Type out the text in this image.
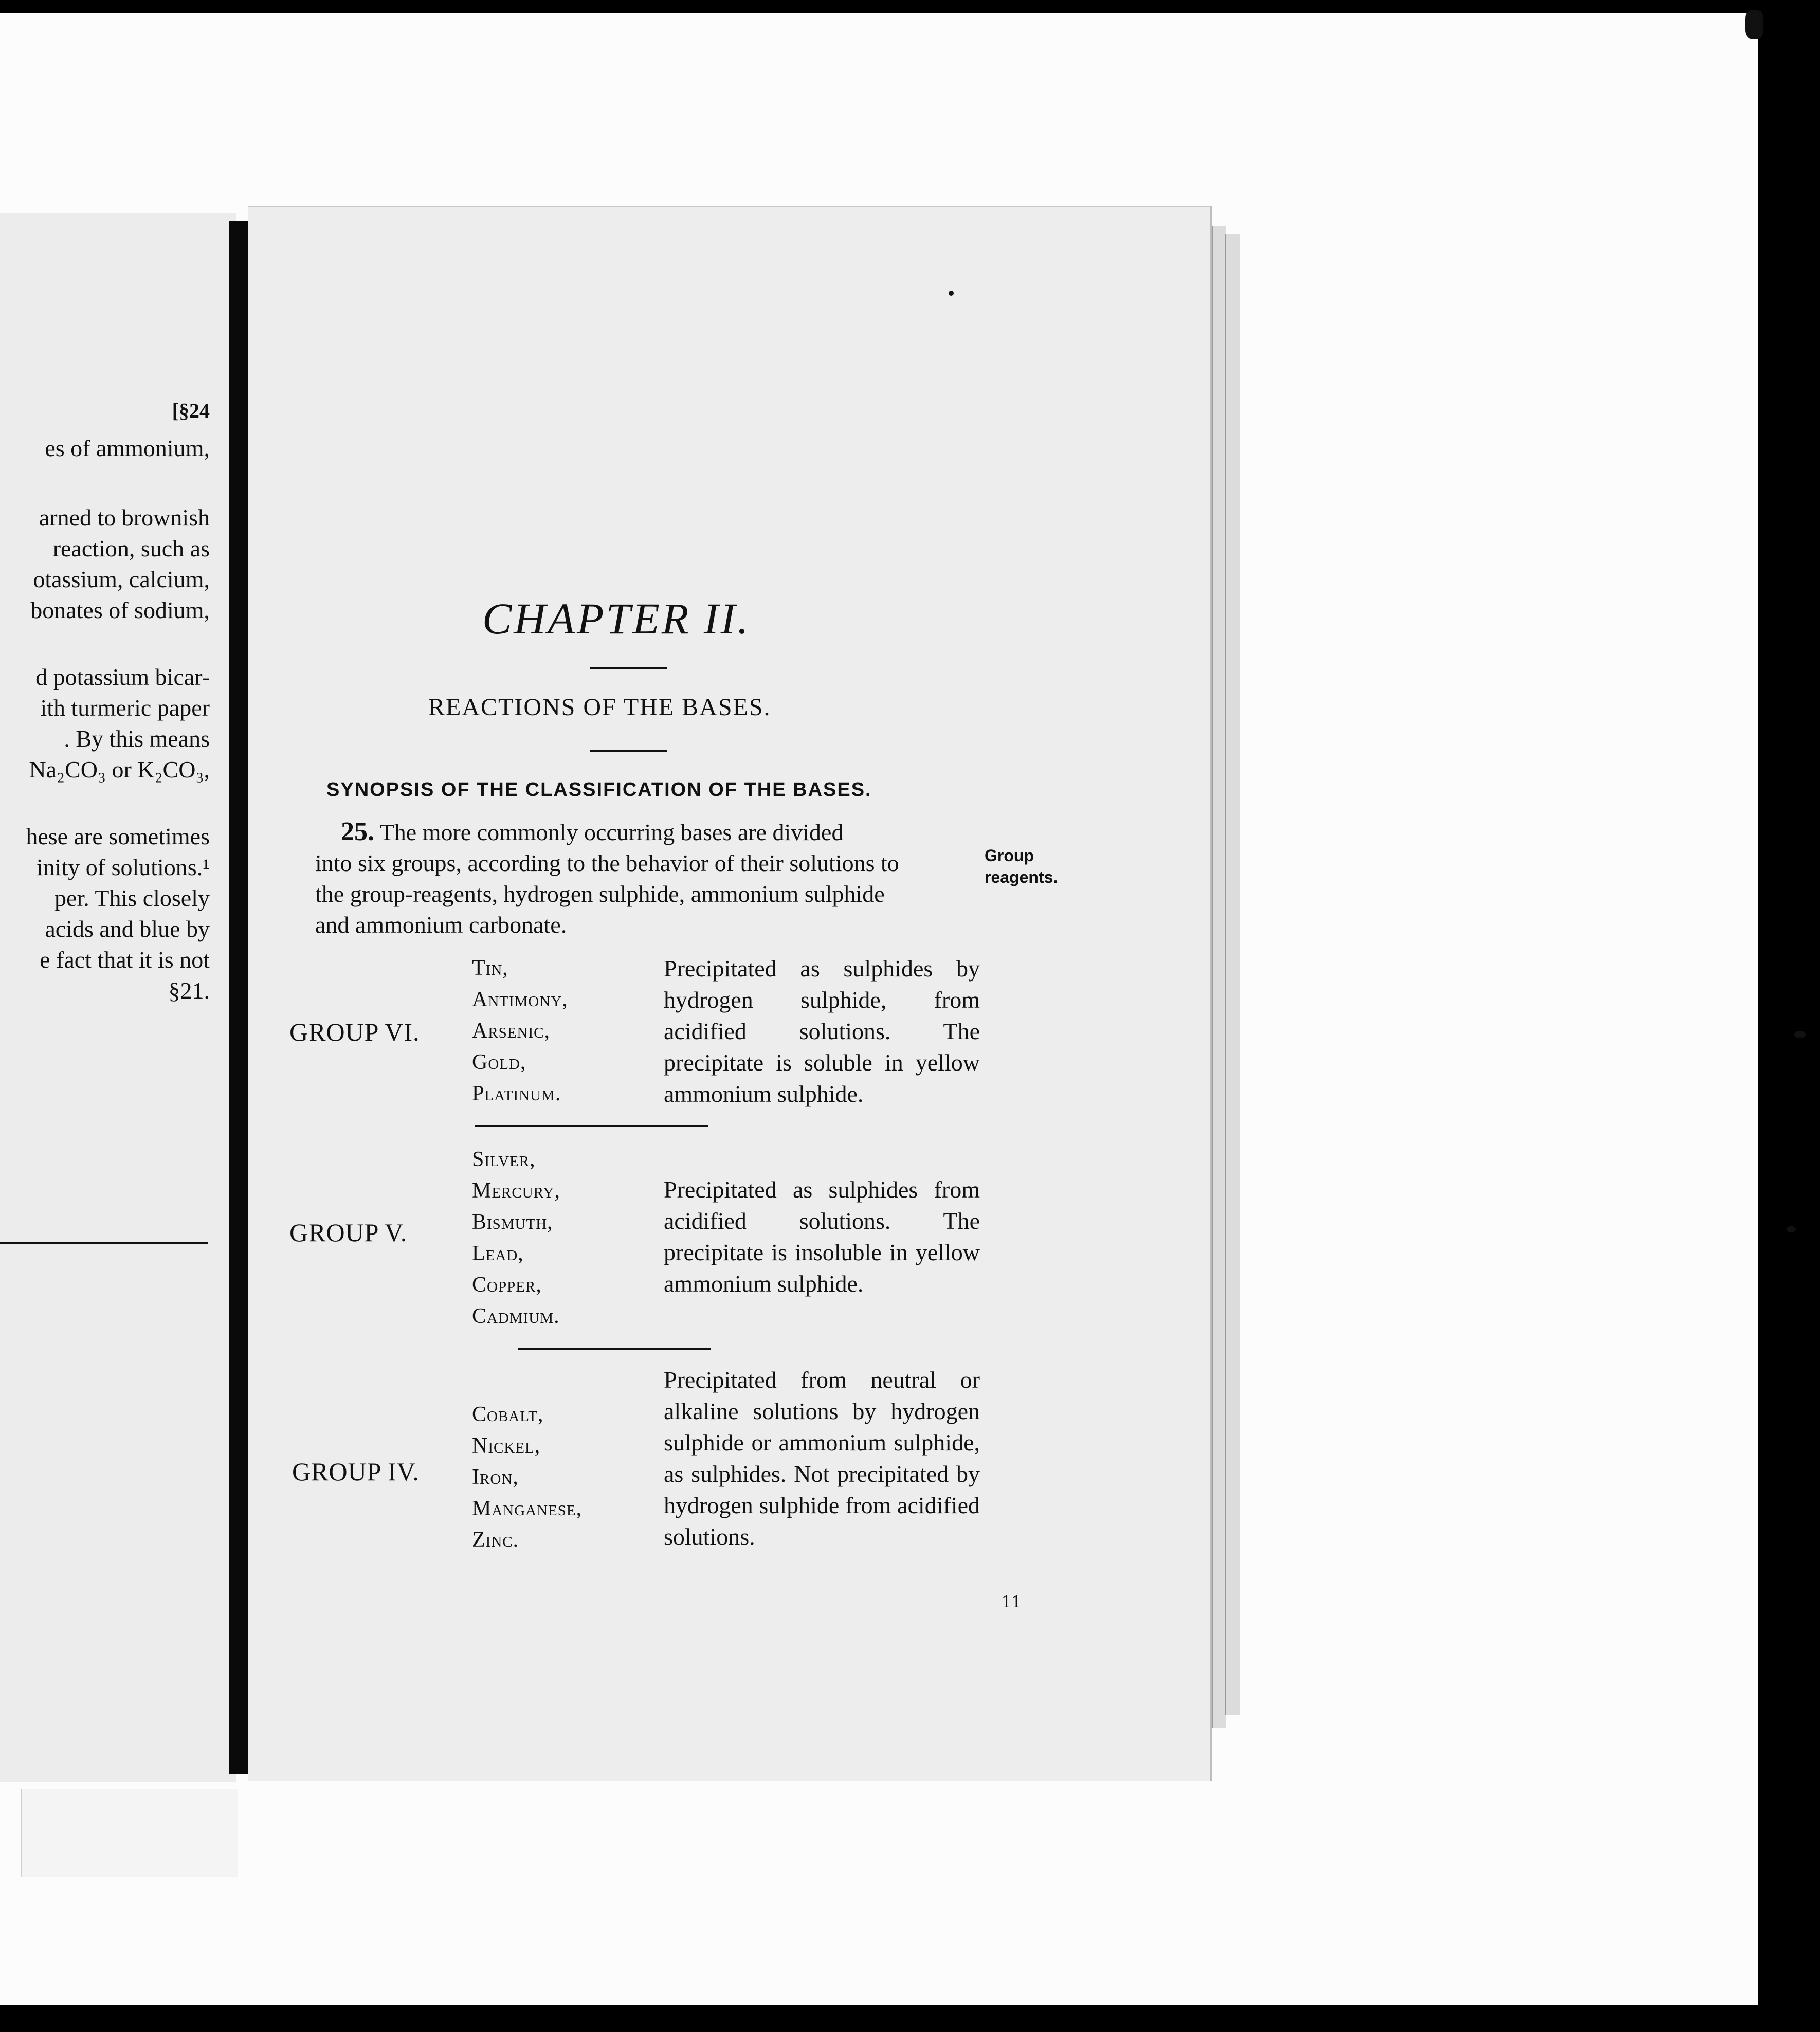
[§24
es of ammonium,
arned to brownish
reaction, such as
otassium, calcium,
bonates of sodium,
d potassium bicar-
ith turmeric paper
. By this means
Na₂CO₃ or K₂CO₃,
hese are sometimes
inity of solutions.¹
per. This closely
acids and blue by
e fact that it is not
§21.
CHAPTER II.
REACTIONS OF THE BASES.
SYNOPSIS OF THE CLASSIFICATION OF THE BASES.
25. The more commonly occurring bases are divided
into six groups, according to the behavior of their solutions to
the group-reagents, hydrogen sulphide, ammonium sulphide
and ammonium carbonate.
Group
reagents.
GROUP VI.
Tin,
Antimony,
Arsenic,
Gold,
Platinum.
Precipitated as sulphides by hydrogen sulphide, from acidified solutions. The precipitate is soluble in yellow ammonium sulphide.
GROUP V.
Silver,
Mercury,
Bismuth,
Lead,
Copper,
Cadmium.
Precipitated as sulphides from acidified solutions. The precipitate is insoluble in yellow ammonium sulphide.
GROUP IV.
Cobalt,
Nickel,
Iron,
Manganese,
Zinc.
Precipitated from neutral or alkaline solutions by hydrogen sulphide or ammonium sulphide, as sulphides. Not precipitated by hydrogen sulphide from acidified solutions.
11
